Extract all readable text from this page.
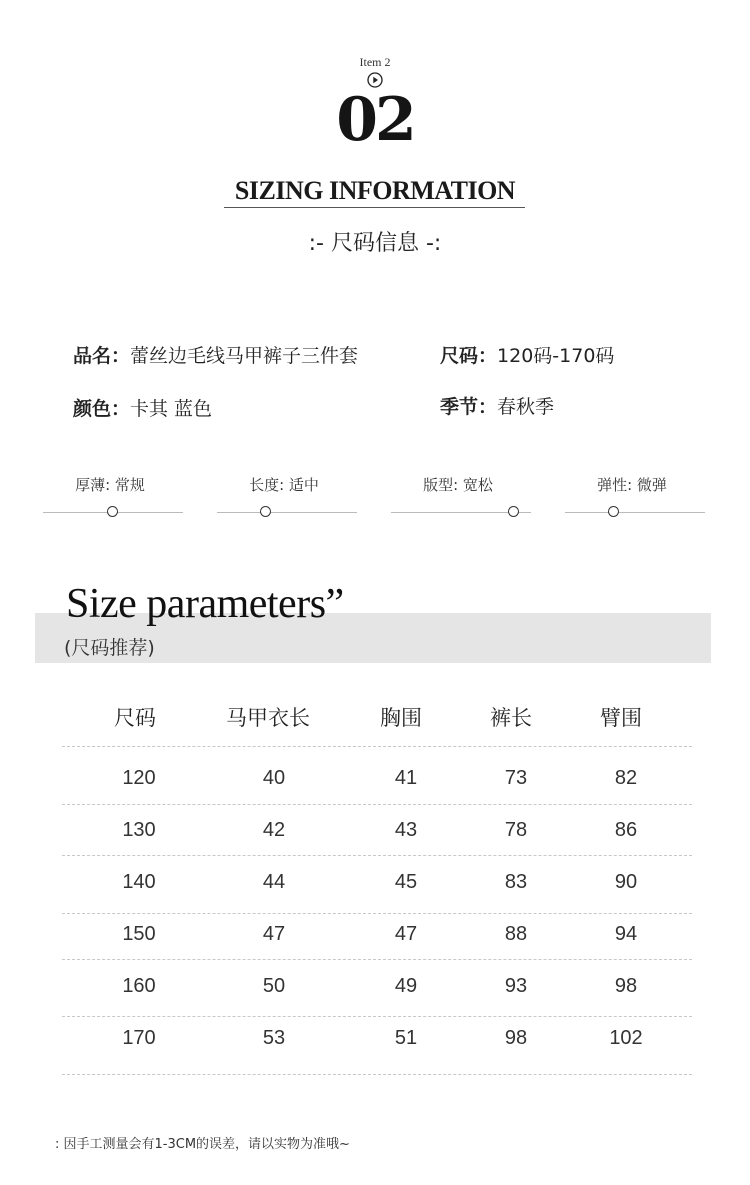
Item 2
02
SIZING INFORMATION
:- 尺码信息 -:
品名：蕾丝边毛线马甲裤子三件套	尺码：120码-170码
颜色：卡其 蓝色	季节：春秋季
厚薄: 常规	长度: 适中	版型: 宽松	弹性: 微弹
Size parameters”
(尺码推荐)
尺码	马甲衣长	胸围	裤长	臂围
120	40	41	73	82
130	42	43	78	86
140	44	45	83	90
150	47	47	88	94
160	50	49	93	98
170	53	51	98	102
: 因手工测量会有1-3CM的误差，请以实物为准哦~
